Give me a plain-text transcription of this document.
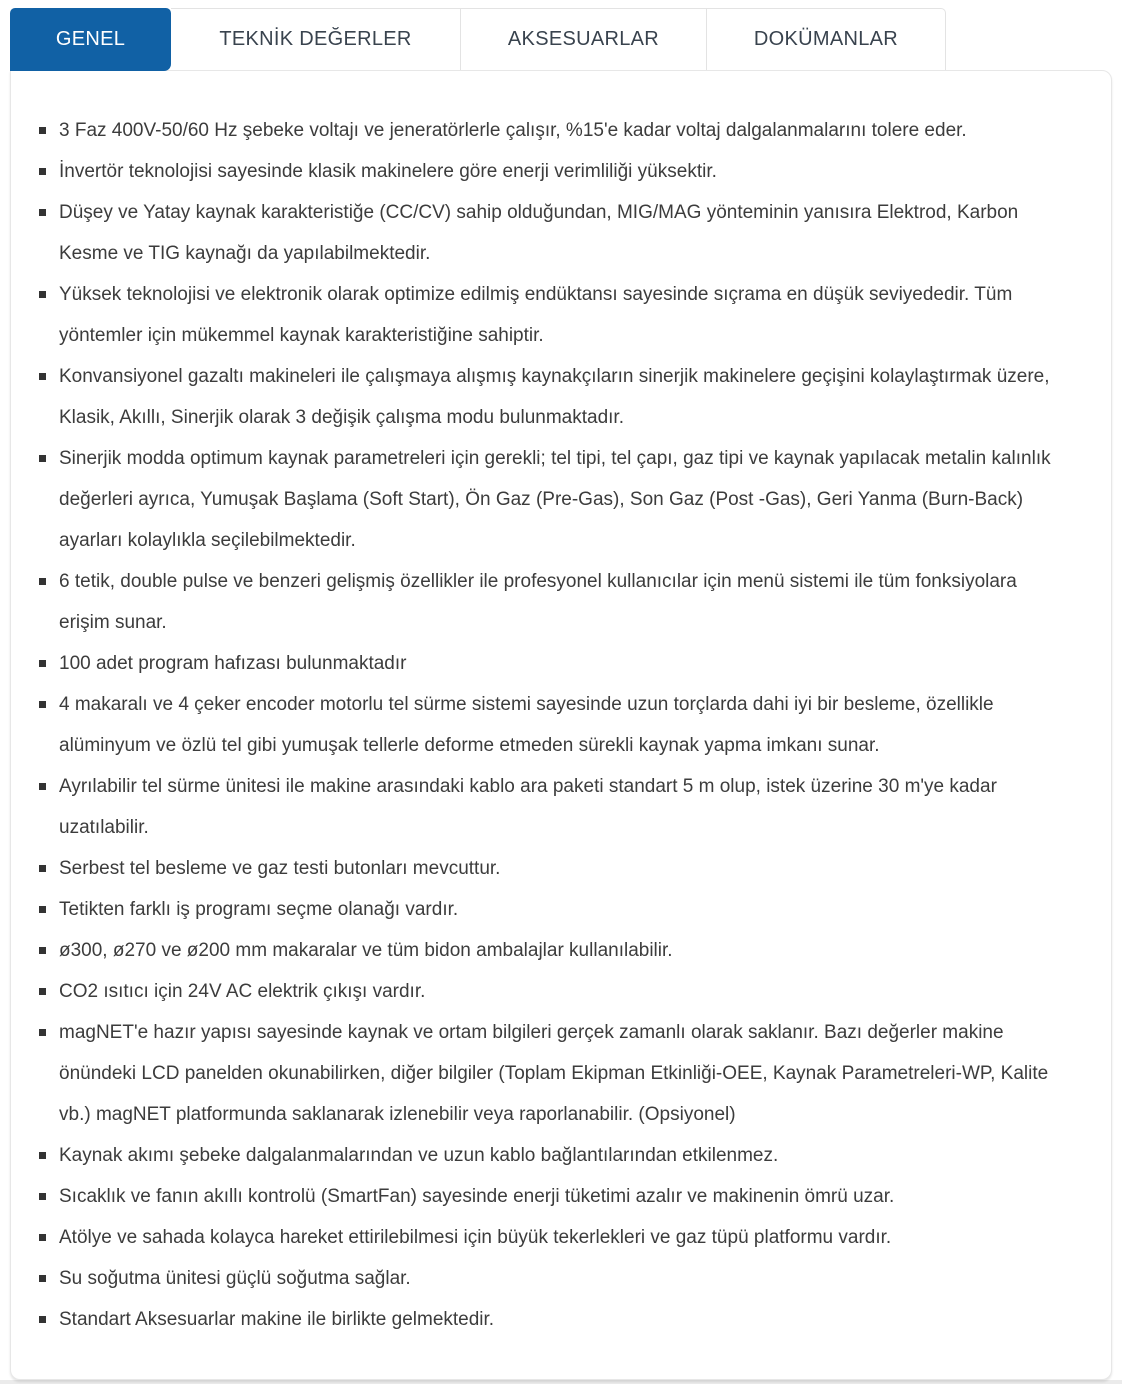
GENEL	TEKNİK DEĞERLER	AKSESUARLAR	DOKÜMANLAR
3 Faz 400V-50/60 Hz şebeke voltajı ve jeneratörlerle çalışır, %15'e kadar voltaj dalgalanmalarını tolere eder.
İnvertör teknolojisi sayesinde klasik makinelere göre enerji verimliliği yüksektir.
Düşey ve Yatay kaynak karakteristiğe (CC/CV) sahip olduğundan, MIG/MAG yönteminin yanısıra Elektrod, Karbon Kesme ve TIG kaynağı da yapılabilmektedir.
Yüksek teknolojisi ve elektronik olarak optimize edilmiş endüktansı sayesinde sıçrama en düşük seviyededir. Tüm yöntemler için mükemmel kaynak karakteristiğine sahiptir.
Konvansiyonel gazaltı makineleri ile çalışmaya alışmış kaynakçıların sinerjik makinelere geçişini kolaylaştırmak üzere, Klasik, Akıllı, Sinerjik olarak 3 değişik çalışma modu bulunmaktadır.
Sinerjik modda optimum kaynak parametreleri için gerekli; tel tipi, tel çapı, gaz tipi ve kaynak yapılacak metalin kalınlık değerleri ayrıca, Yumuşak Başlama (Soft Start), Ön Gaz (Pre-Gas), Son Gaz (Post -Gas), Geri Yanma (Burn-Back) ayarları kolaylıkla seçilebilmektedir.
6 tetik, double pulse ve benzeri gelişmiş özellikler ile profesyonel kullanıcılar için menü sistemi ile tüm fonksiyolara erişim sunar.
100 adet program hafızası bulunmaktadır
4 makaralı ve 4 çeker encoder motorlu tel sürme sistemi sayesinde uzun torçlarda dahi iyi bir besleme, özellikle alüminyum ve özlü tel gibi yumuşak tellerle deforme etmeden sürekli kaynak yapma imkanı sunar.
Ayrılabilir tel sürme ünitesi ile makine arasındaki kablo ara paketi standart 5 m olup, istek üzerine 30 m'ye kadar uzatılabilir.
Serbest tel besleme ve gaz testi butonları mevcuttur.
Tetikten farklı iş programı seçme olanağı vardır.
ø300, ø270 ve ø200 mm makaralar ve tüm bidon ambalajlar kullanılabilir.
CO2 ısıtıcı için 24V AC elektrik çıkışı vardır.
magNET'e hazır yapısı sayesinde kaynak ve ortam bilgileri gerçek zamanlı olarak saklanır. Bazı değerler makine önündeki LCD panelden okunabilirken, diğer bilgiler (Toplam Ekipman Etkinliği-OEE, Kaynak Parametreleri-WP, Kalite vb.) magNET platformunda saklanarak izlenebilir veya raporlanabilir. (Opsiyonel)
Kaynak akımı şebeke dalgalanmalarından ve uzun kablo bağlantılarından etkilenmez.
Sıcaklık ve fanın akıllı kontrolü (SmartFan) sayesinde enerji tüketimi azalır ve makinenin ömrü uzar.
Atölye ve sahada kolayca hareket ettirilebilmesi için büyük tekerlekleri ve gaz tüpü platformu vardır.
Su soğutma ünitesi güçlü soğutma sağlar.
Standart Aksesuarlar makine ile birlikte gelmektedir.
